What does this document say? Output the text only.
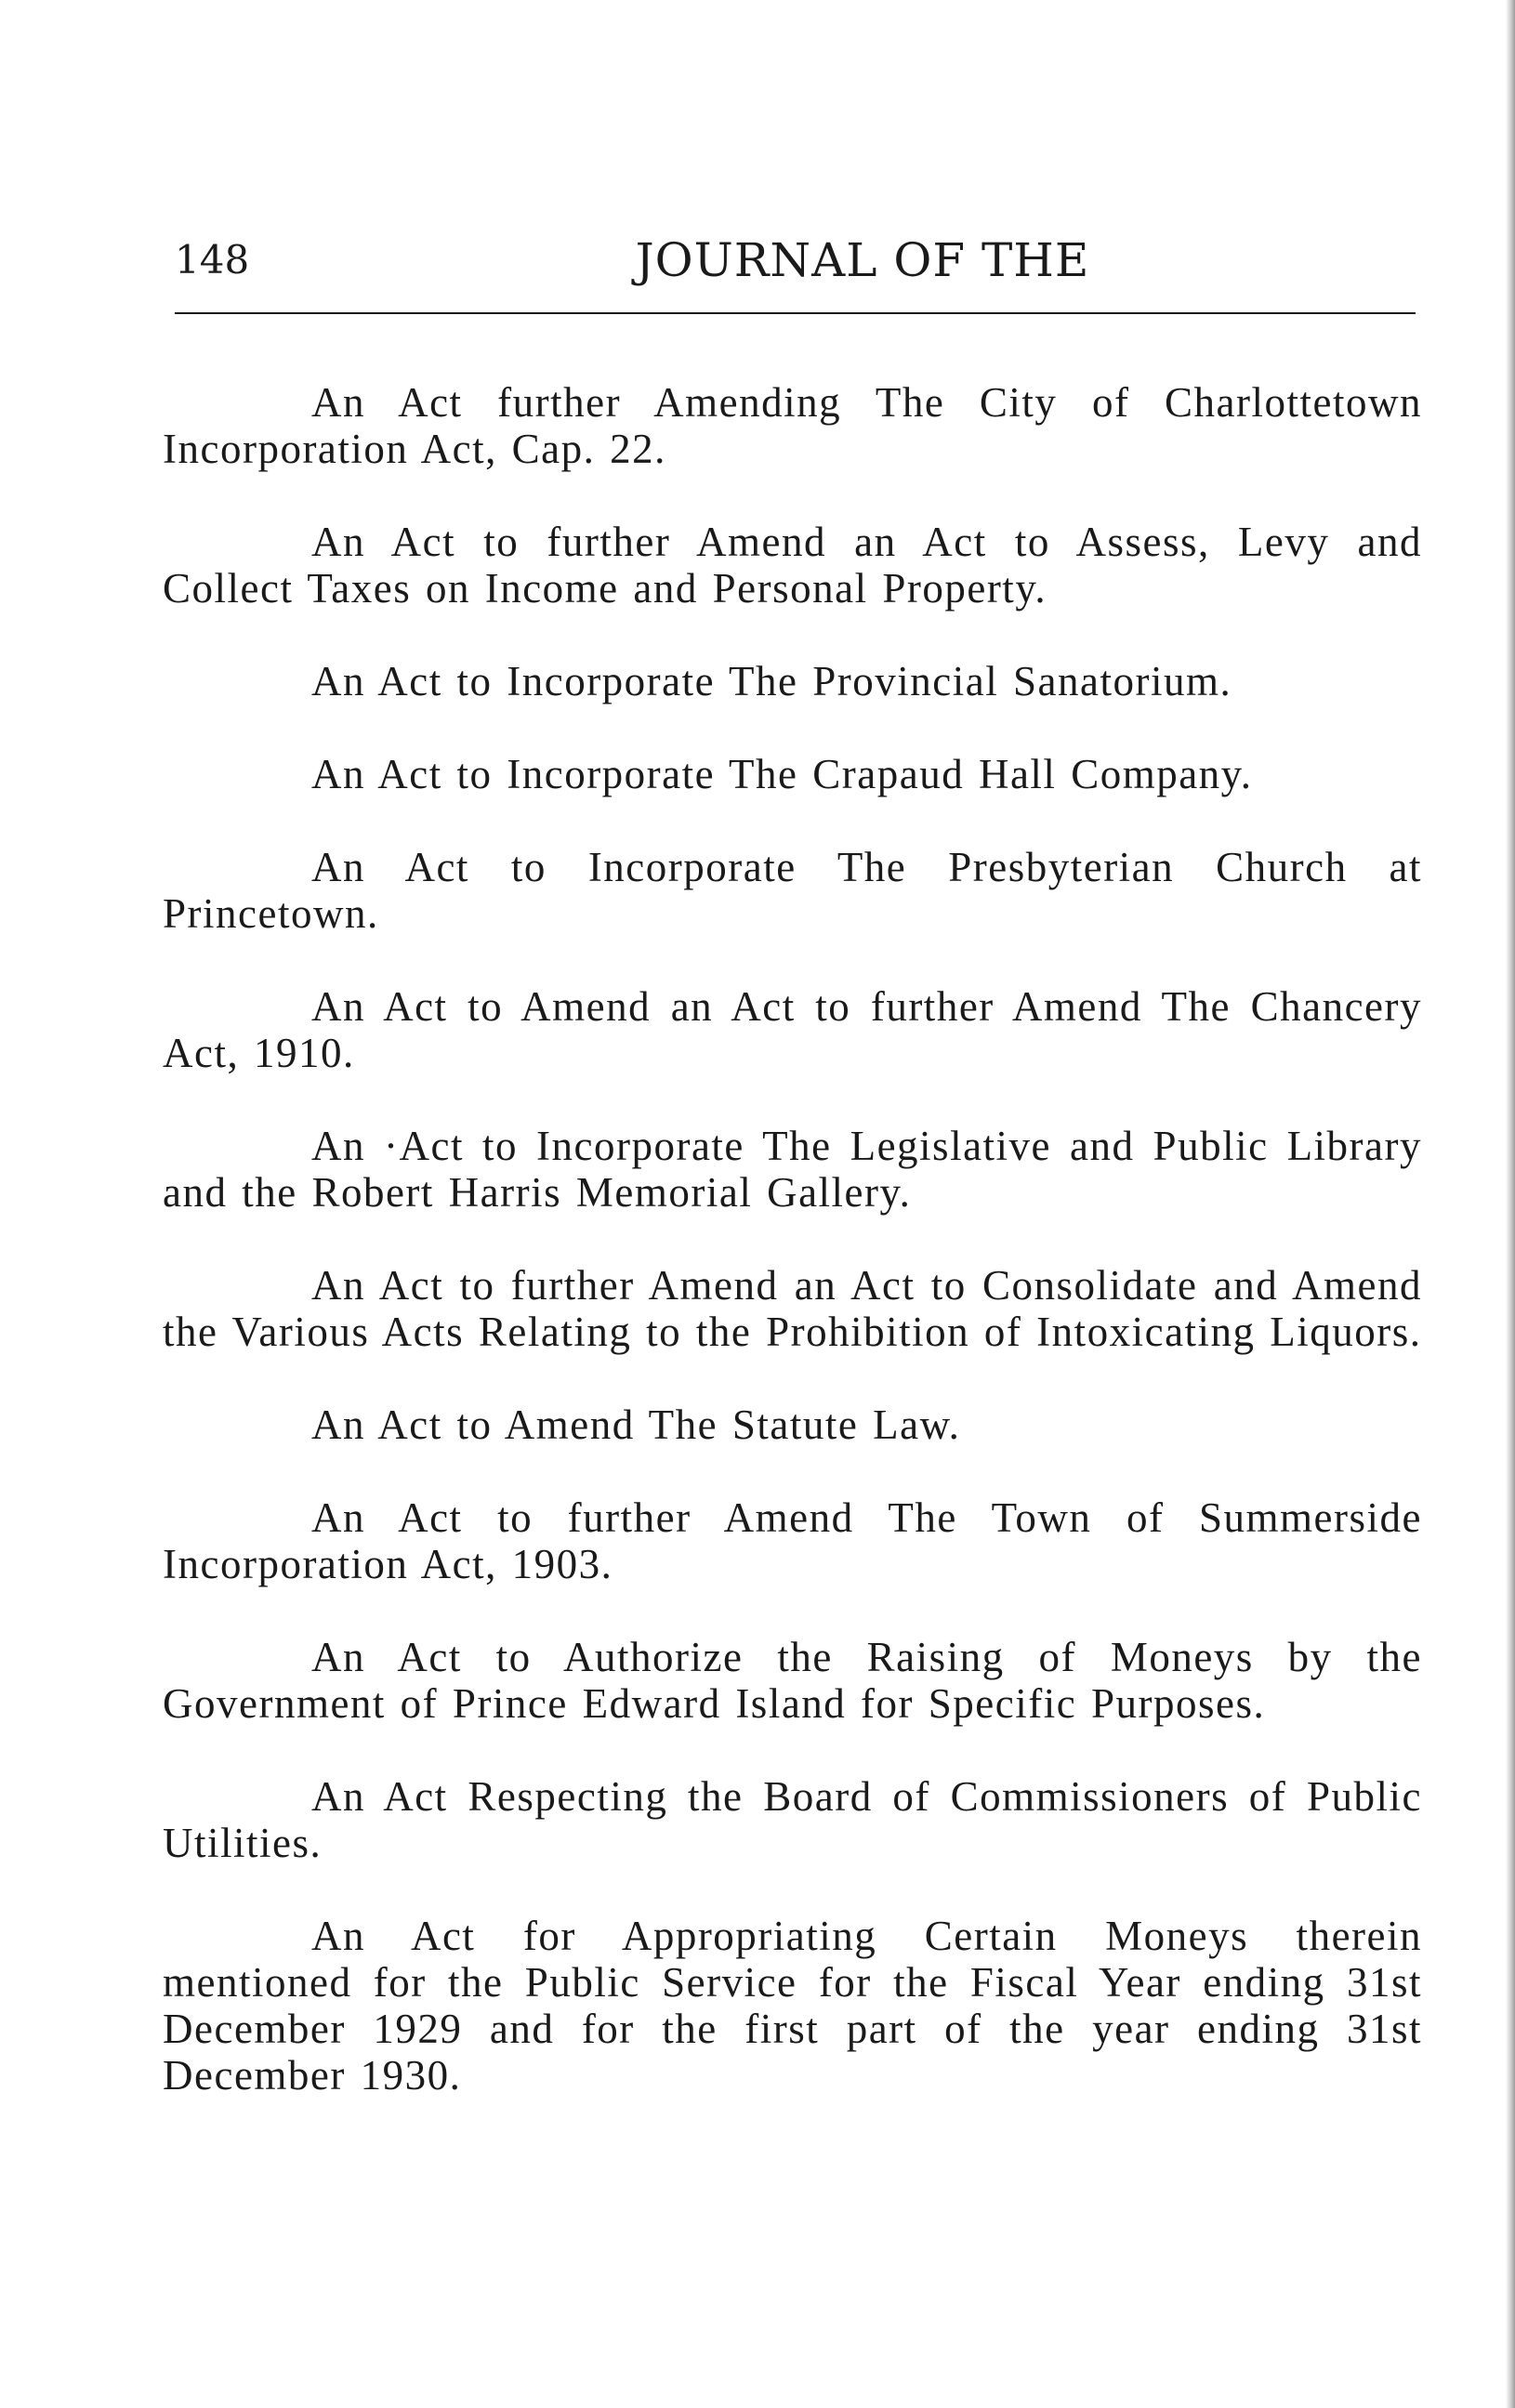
148	JOURNAL OF THE

An Act further Amending The City of Charlottetown Incorporation Act, Cap. 22.

An Act to further Amend an Act to Assess, Levy and Collect Taxes on Income and Personal Property.

An Act to Incorporate The Provincial Sanatorium.

An Act to Incorporate The Crapaud Hall Company.

An Act to Incorporate The Presbyterian Church at Princetown.

An Act to Amend an Act to further Amend The Chancery Act, 1910.

An ·Act to Incorporate The Legislative and Public Library and the Robert Harris Memorial Gallery.

An Act to further Amend an Act to Consolidate and Amend the Various Acts Relating to the Prohibition of Intoxicating Liquors.

An Act to Amend The Statute Law.

An Act to further Amend The Town of Summerside Incorporation Act, 1903.

An Act to Authorize the Raising of Moneys by the Government of Prince Edward Island for Specific Purposes.

An Act Respecting the Board of Commissioners of Public Utilities.

An Act for Appropriating Certain Moneys therein mentioned for the Public Service for the Fiscal Year ending 31st December 1929 and for the first part of the year ending 31st December 1930.
